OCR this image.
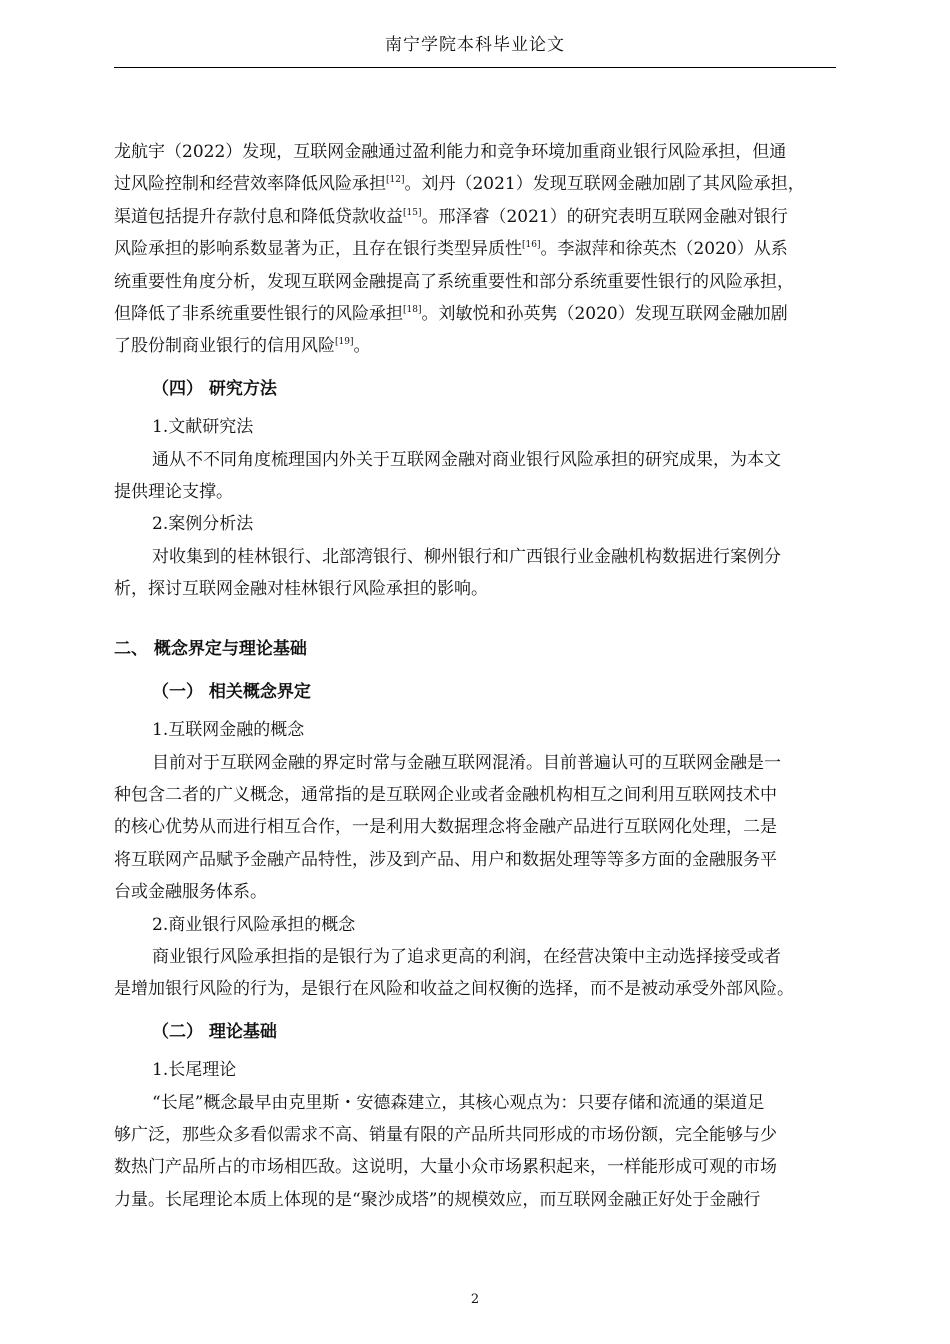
南宁学院本科毕业论文
龙航宇（2022）发现，互联网金融通过盈利能力和竞争环境加重商业银行风险承担，但通
过风险控制和经营效率降低风险承担[12]。刘丹（2021）发现互联网金融加剧了其风险承担，
渠道包括提升存款付息和降低贷款收益[15]。邢泽睿（2021）的研究表明互联网金融对银行
风险承担的影响系数显著为正，且存在银行类型异质性[16]。李淑萍和徐英杰（2020）从系
统重要性角度分析，发现互联网金融提高了系统重要性和部分系统重要性银行的风险承担，
但降低了非系统重要性银行的风险承担[18]。刘敏悦和孙英隽（2020）发现互联网金融加剧
了股份制商业银行的信用风险[19]。
（四） 研究方法
1.文献研究法
通从不不同角度梳理国内外关于互联网金融对商业银行风险承担的研究成果，为本文
提供理论支撑。
2.案例分析法
对收集到的桂林银行、北部湾银行、柳州银行和广西银行业金融机构数据进行案例分
析，探讨互联网金融对桂林银行风险承担的影响。
二、 概念界定与理论基础
（一） 相关概念界定
1.互联网金融的概念
目前对于互联网金融的界定时常与金融互联网混淆。目前普遍认可的互联网金融是一
种包含二者的广义概念，通常指的是互联网企业或者金融机构相互之间利用互联网技术中
的核心优势从而进行相互合作，一是利用大数据理念将金融产品进行互联网化处理，二是
将互联网产品赋予金融产品特性，涉及到产品、用户和数据处理等等多方面的金融服务平
台或金融服务体系。
2.商业银行风险承担的概念
商业银行风险承担指的是银行为了追求更高的利润，在经营决策中主动选择接受或者
是增加银行风险的行为，是银行在风险和收益之间权衡的选择，而不是被动承受外部风险。
（二） 理论基础
1.长尾理论
“长尾”概念最早由克里斯・安德森建立，其核心观点为：只要存储和流通的渠道足
够广泛，那些众多看似需求不高、销量有限的产品所共同形成的市场份额，完全能够与少
数热门产品所占的市场相匹敌。这说明，大量小众市场累积起来，一样能形成可观的市场
力量。长尾理论本质上体现的是“聚沙成塔”的规模效应，而互联网金融正好处于金融行
2
